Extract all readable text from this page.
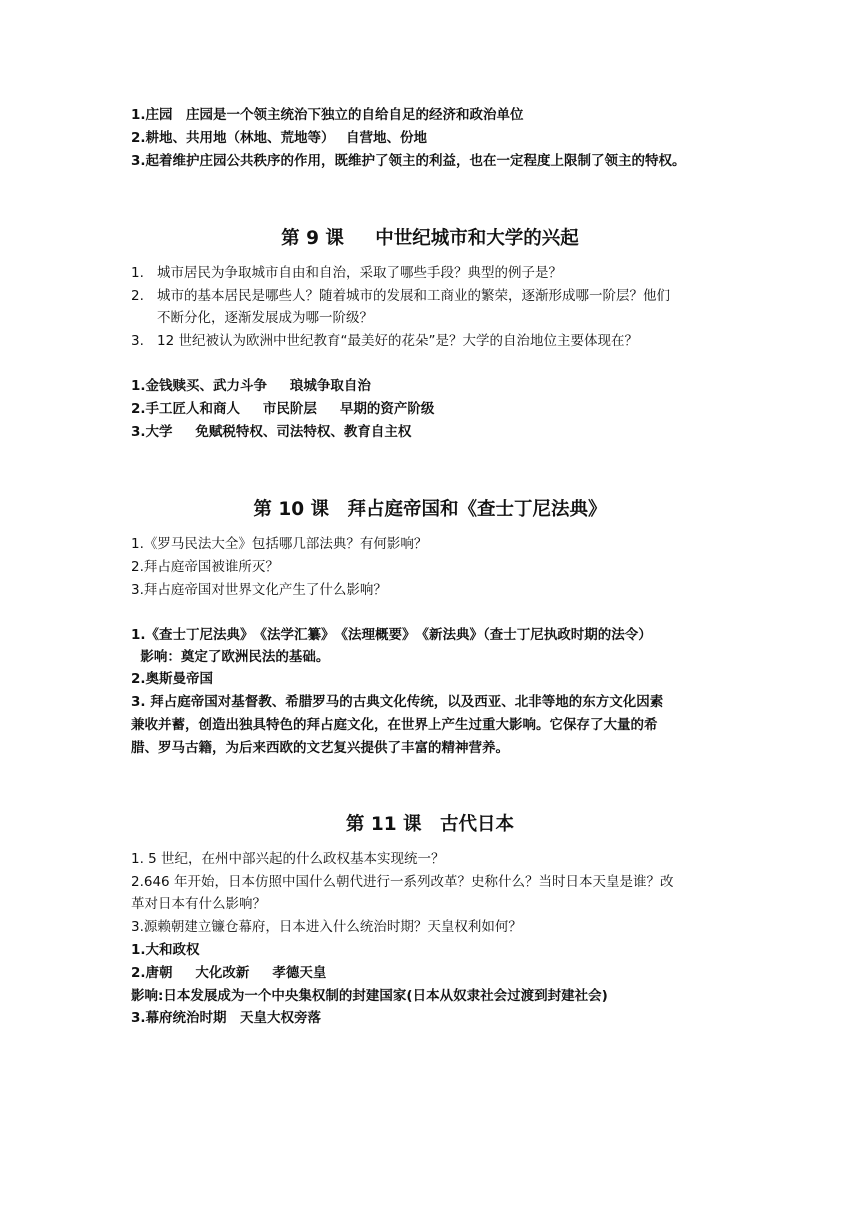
1.庄园　庄园是一个领主统治下独立的自给自足的经济和政治单位
2.耕地、共用地（林地、荒地等）　 自营地、份地
3.起着维护庄园公共秩序的作用，既维护了领主的利益，也在一定程度上限制了领主的特权。
第 9 课　  中世纪城市和大学的兴起
1. 城市居民为争取城市自由和自治，采取了哪些手段？典型的例子是？
2. 城市的基本居民是哪些人？随着城市的发展和工商业的繁荣，逐渐形成哪一阶层？他们
不断分化，逐渐发展成为哪一阶级？
3. 12 世纪被认为欧洲中世纪教育“最美好的花朵”是？大学的自治地位主要体现在？
1.金钱赎买、武力斗争　  琅城争取自治
2.手工匠人和商人　  市民阶层　  早期的资产阶级
3.大学　  免赋税特权、司法特权、教育自主权
第 10 课　拜占庭帝国和《查士丁尼法典》
1.《罗马民法大全》包括哪几部法典？有何影响？
2.拜占庭帝国被谁所灭？
3.拜占庭帝国对世界文化产生了什么影响？
1.《查士丁尼法典》　《法学汇纂》　《法理概要》　《新法典》（查士丁尼执政时期的法令）
影响：奠定了欧洲民法的基础。
2.奥斯曼帝国
3. 拜占庭帝国对基督教、希腊罗马的古典文化传统，以及西亚、北非等地的东方文化因素
兼收并蓄，创造出独具特色的拜占庭文化，在世界上产生过重大影响。它保存了大量的希
腊、罗马古籍，为后来西欧的文艺复兴提供了丰富的精神营养。
第 11 课　古代日本
1. 5 世纪，在州中部兴起的什么政权基本实现统一？
2.646 年开始，日本仿照中国什么朝代进行一系列改革？史称什么？当时日本天皇是谁？改
革对日本有什么影响？
3.源赖朝建立镰仓幕府，日本进入什么统治时期？天皇权利如何？
1.大和政权
2.唐朝　  大化改新　  孝德天皇
影响:日本发展成为一个中央集权制的封建国家(日本从奴隶社会过渡到封建社会)
3.幕府统治时期　天皇大权旁落
